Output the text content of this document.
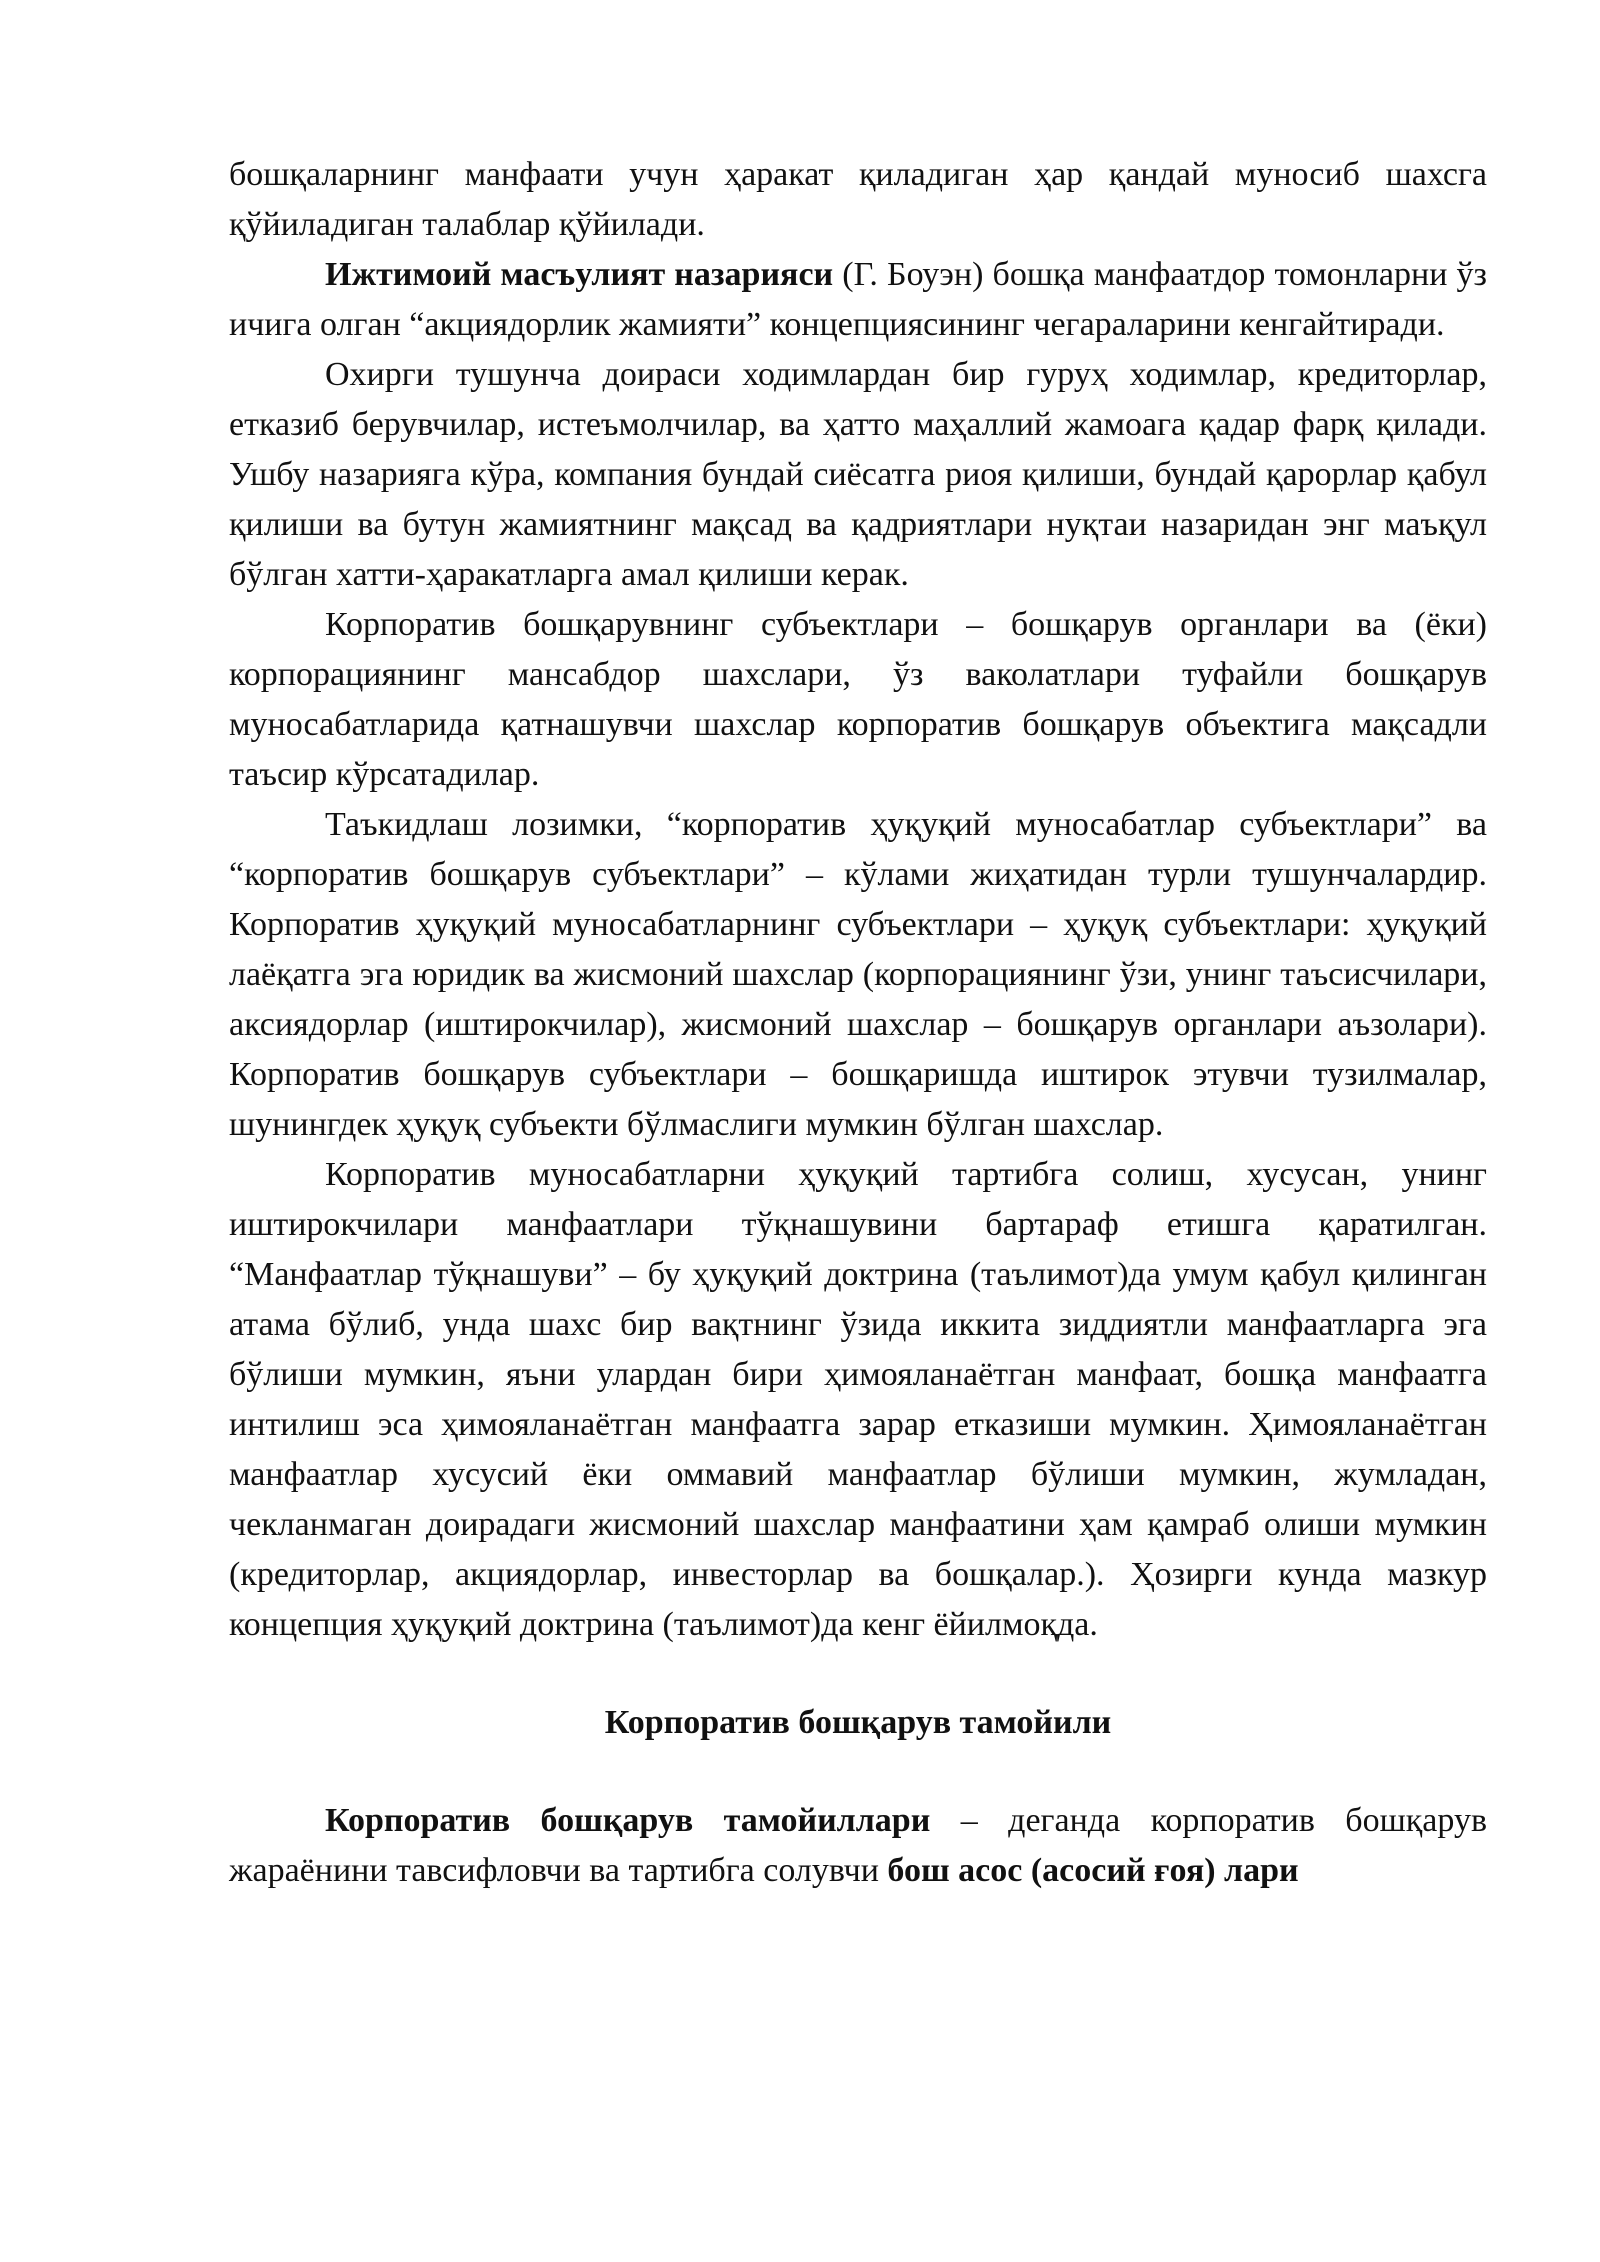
бошқаларнинг манфаати учун ҳаракат қиладиган ҳар қандай муносиб шахсга қўйиладиган талаблар қўйилади.

Ижтимоий масъулият назарияси (Г. Боуэн) бошқа манфаатдор томонларни ўз ичига олган “акциядорлик жамияти” концепциясининг чегараларини кенгайтиради.

Охирги тушунча доираси ходимлардан бир гуруҳ ходимлар, кредиторлар, етказиб берувчилар, истеъмолчилар, ва ҳатто маҳаллий жамоага қадар фарқ қилади. Ушбу назарияга кўра, компания бундай сиёсатга риоя қилиши, бундай қарорлар қабул қилиши ва бутун жамиятнинг мақсад ва қадриятлари нуқтаи назаридан энг маъқул бўлган хатти-ҳаракатларга амал қилиши керак.

Корпоратив бошқарувнинг субъектлари – бошқарув органлари ва (ёки) корпорациянинг мансабдор шахслари, ўз ваколатлари туфайли бошқарув муносабатларида қатнашувчи шахслар корпоратив бошқарув объектига мақсадли таъсир кўрсатадилар.

Таъкидлаш лозимки, “корпоратив ҳуқуқий муносабатлар субъектлари” ва “корпоратив бошқарув субъектлари” – кўлами жиҳатидан турли тушунчалардир. Корпоратив ҳуқуқий муносабатларнинг субъектлари – ҳуқуқ субъектлари: ҳуқуқий лаёқатга эга юридик ва жисмоний шахслар (корпорациянинг ўзи, унинг таъсисчилари, аксиядорлар (иштирокчилар), жисмоний шахслар – бошқарув органлари аъзолари). Корпоратив бошқарув субъектлари – бошқаришда иштирок этувчи тузилмалар, шунингдек ҳуқуқ субъекти бўлмаслиги мумкин бўлган шахслар.

Корпоратив муносабатларни ҳуқуқий тартибга солиш, хусусан, унинг иштирокчилари манфаатлари тўқнашувини бартараф етишга қаратилган. “Манфаатлар тўқнашуви” – бу ҳуқуқий доктрина (таълимот)да умум қабул қилинган атама бўлиб, унда шахс бир вақтнинг ўзида иккита зиддиятли манфаатларга эга бўлиши мумкин, яъни улардан бири ҳимояланаётган манфаат, бошқа манфаатга интилиш эса ҳимояланаётган манфаатга зарар етказиши мумкин. Ҳимояланаётган манфаатлар хусусий ёки оммавий манфаатлар бўлиши мумкин, жумладан, чекланмаган доирадаги жисмоний шахслар манфаатини ҳам қамраб олиши мумкин (кредиторлар, акциядорлар, инвесторлар ва бошқалар.). Ҳозирги кунда мазкур концепция ҳуқуқий доктрина (таълимот)да кенг ёйилмоқда.

Корпоратив бошқарув тамойили

Корпоратив бошқарув тамойиллари – деганда корпоратив бошқарув жараёнини тавсифловчи ва тартибга солувчи бош асос (асосий ғоя) лари
